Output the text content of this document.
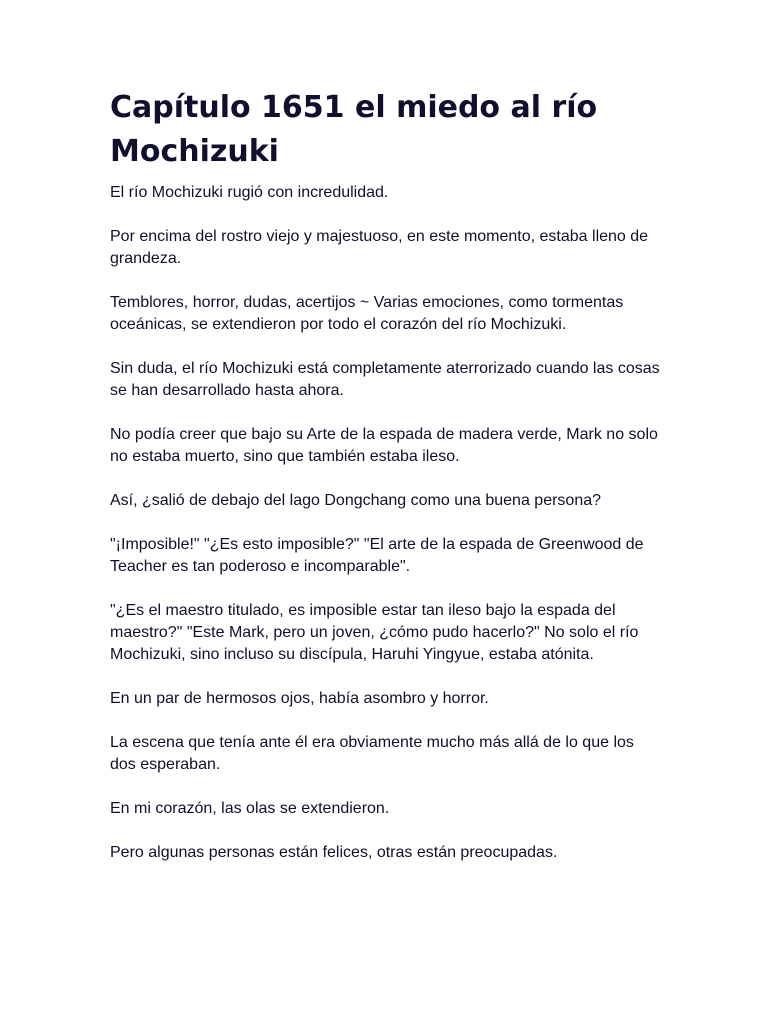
Capítulo 1651 el miedo al río Mochizuki

El río Mochizuki rugió con incredulidad.

Por encima del rostro viejo y majestuoso, en este momento, estaba lleno de grandeza.

Temblores, horror, dudas, acertijos ~ Varias emociones, como tormentas oceánicas, se extendieron por todo el corazón del río Mochizuki.

Sin duda, el río Mochizuki está completamente aterrorizado cuando las cosas se han desarrollado hasta ahora.

No podía creer que bajo su Arte de la espada de madera verde, Mark no solo no estaba muerto, sino que también estaba ileso.

Así, ¿salió de debajo del lago Dongchang como una buena persona?

"¡Imposible!" "¿Es esto imposible?" "El arte de la espada de Greenwood de Teacher es tan poderoso e incomparable".

"¿Es el maestro titulado, es imposible estar tan ileso bajo la espada del maestro?" "Este Mark, pero un joven, ¿cómo pudo hacerlo?" No solo el río Mochizuki, sino incluso su discípula, Haruhi Yingyue, estaba atónita.

En un par de hermosos ojos, había asombro y horror.

La escena que tenía ante él era obviamente mucho más allá de lo que los dos esperaban.

En mi corazón, las olas se extendieron.

Pero algunas personas están felices, otras están preocupadas.
